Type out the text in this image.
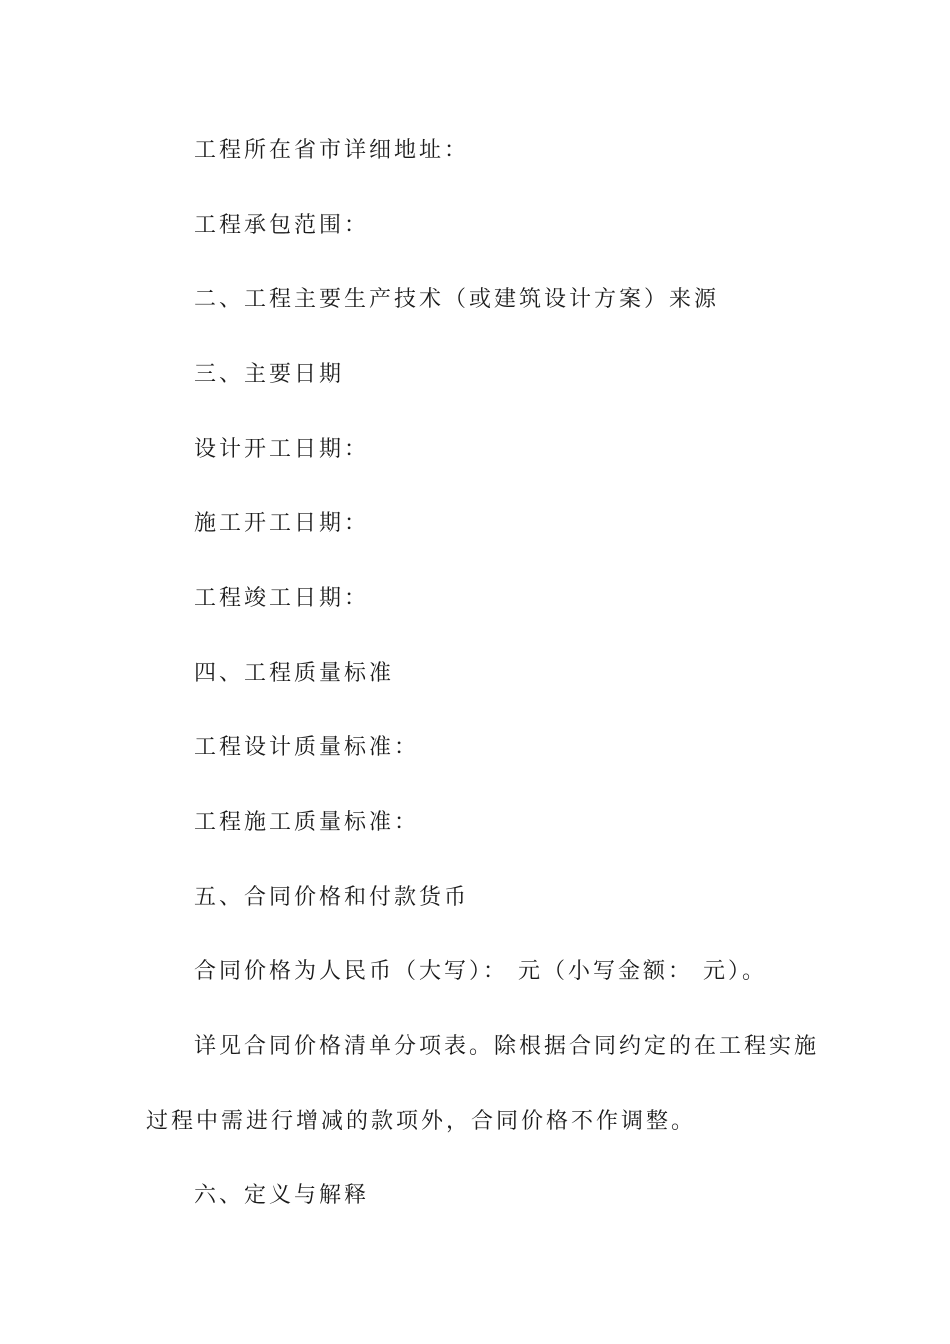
工程所在省市详细地址：
工程承包范围：
二、工程主要生产技术（或建筑设计方案）来源
三、主要日期
设计开工日期：
施工开工日期：
工程竣工日期：
四、工程质量标准
工程设计质量标准：
工程施工质量标准：
五、合同价格和付款货币
合同价格为人民币（大写）： 元（小写金额： 元）。
详见合同价格清单分项表。除根据合同约定的在工程实施
过程中需进行增减的款项外，合同价格不作调整。
六、定义与解释
